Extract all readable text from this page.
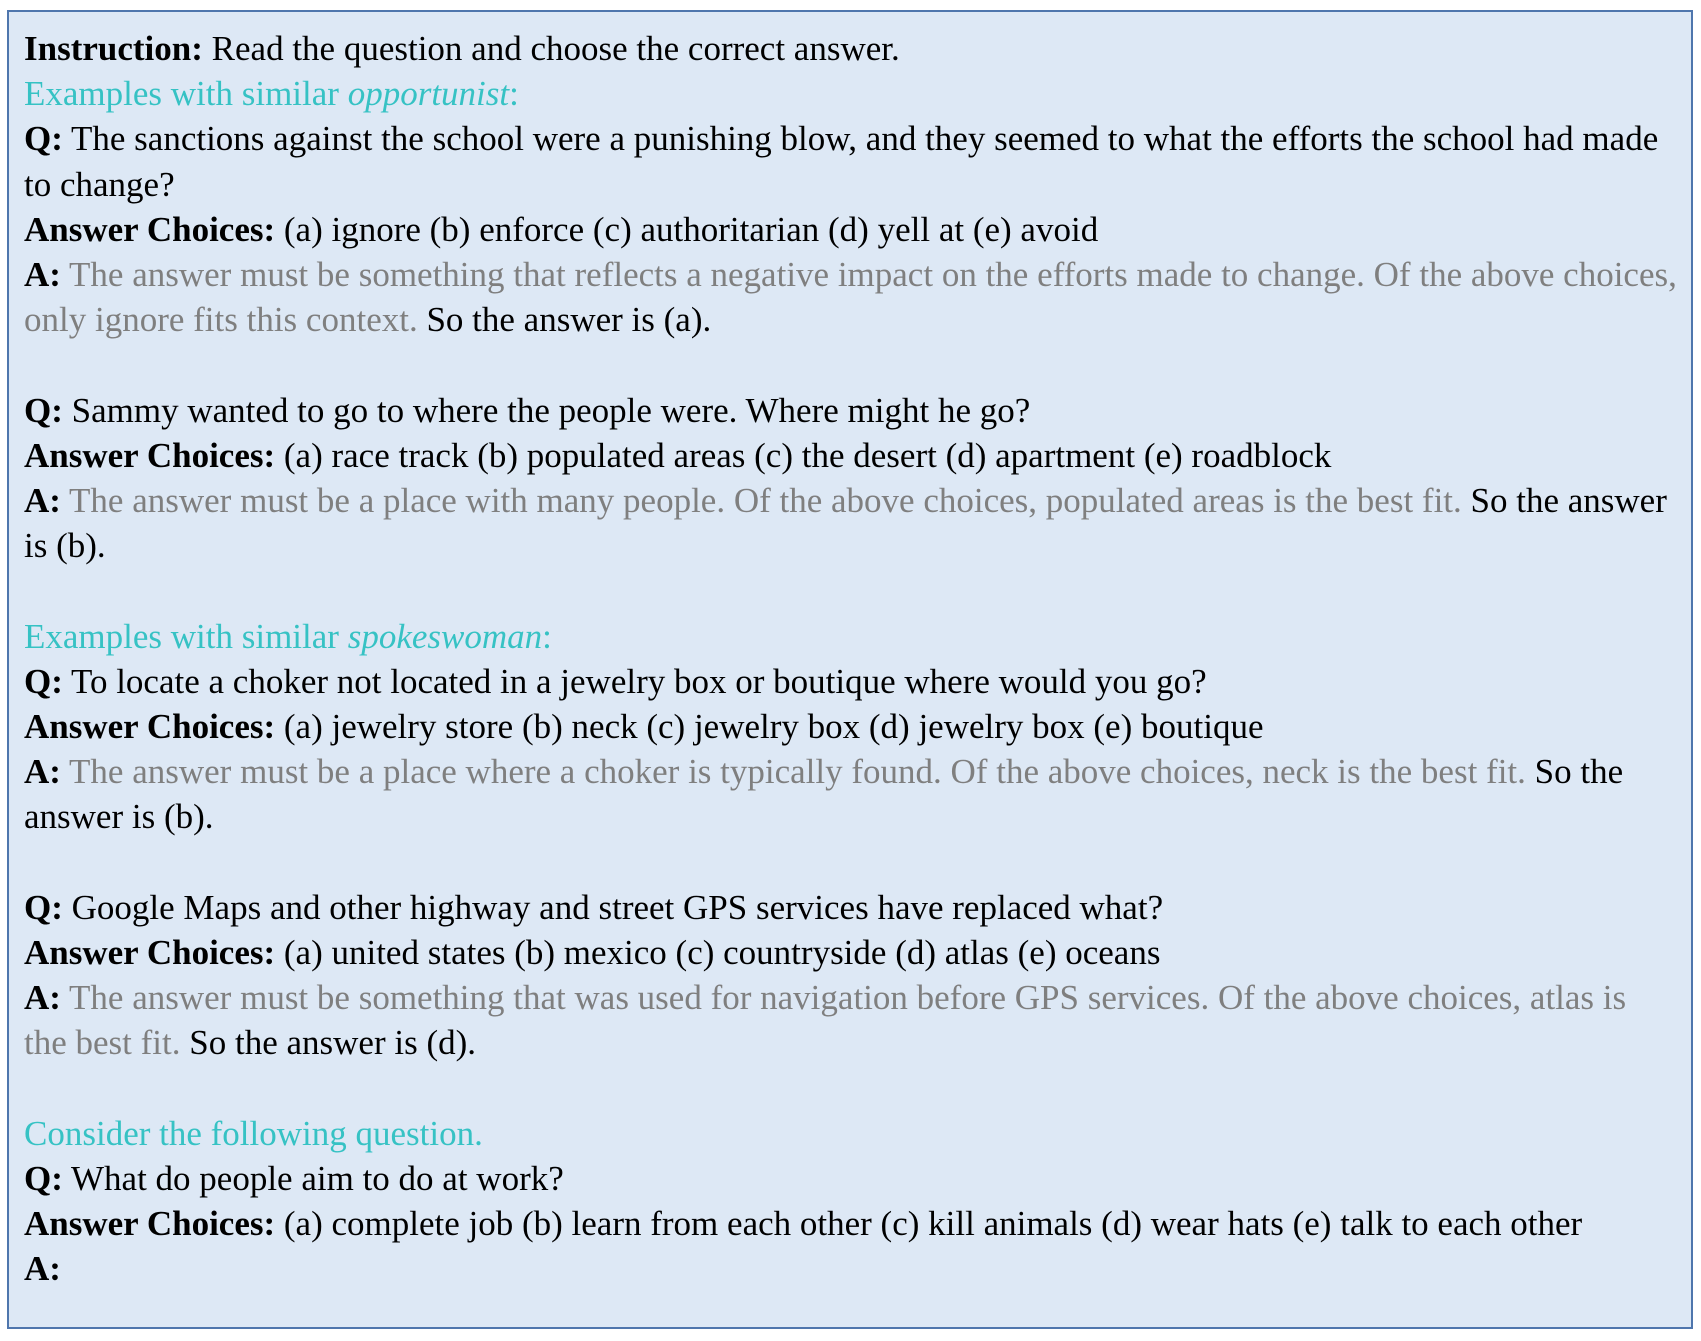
Instruction: Read the question and choose the correct answer.

Examples with similar opportunist:

Q: The sanctions against the school were a punishing blow, and they seemed to what the efforts the school had made to change?

Answer Choices: (a) ignore (b) enforce (c) authoritarian (d) yell at (e) avoid

A: The answer must be something that reflects a negative impact on the efforts made to change. Of the above choices, only ignore fits this context. So the answer is (a).

Q: Sammy wanted to go to where the people were. Where might he go?

Answer Choices: (a) race track (b) populated areas (c) the desert (d) apartment (e) roadblock

A: The answer must be a place with many people. Of the above choices, populated areas is the best fit. So the answer is (b).

Examples with similar spokeswoman:

Q: To locate a choker not located in a jewelry box or boutique where would you go?

Answer Choices: (a) jewelry store (b) neck (c) jewelry box (d) jewelry box (e) boutique

A: The answer must be a place where a choker is typically found. Of the above choices, neck is the best fit. So the answer is (b).

Q: Google Maps and other highway and street GPS services have replaced what?

Answer Choices: (a) united states (b) mexico (c) countryside (d) atlas (e) oceans

A: The answer must be something that was used for navigation before GPS services. Of the above choices, atlas is the best fit. So the answer is (d).

Consider the following question.

Q: What do people aim to do at work?

Answer Choices: (a) complete job (b) learn from each other (c) kill animals (d) wear hats (e) talk to each other

A:
